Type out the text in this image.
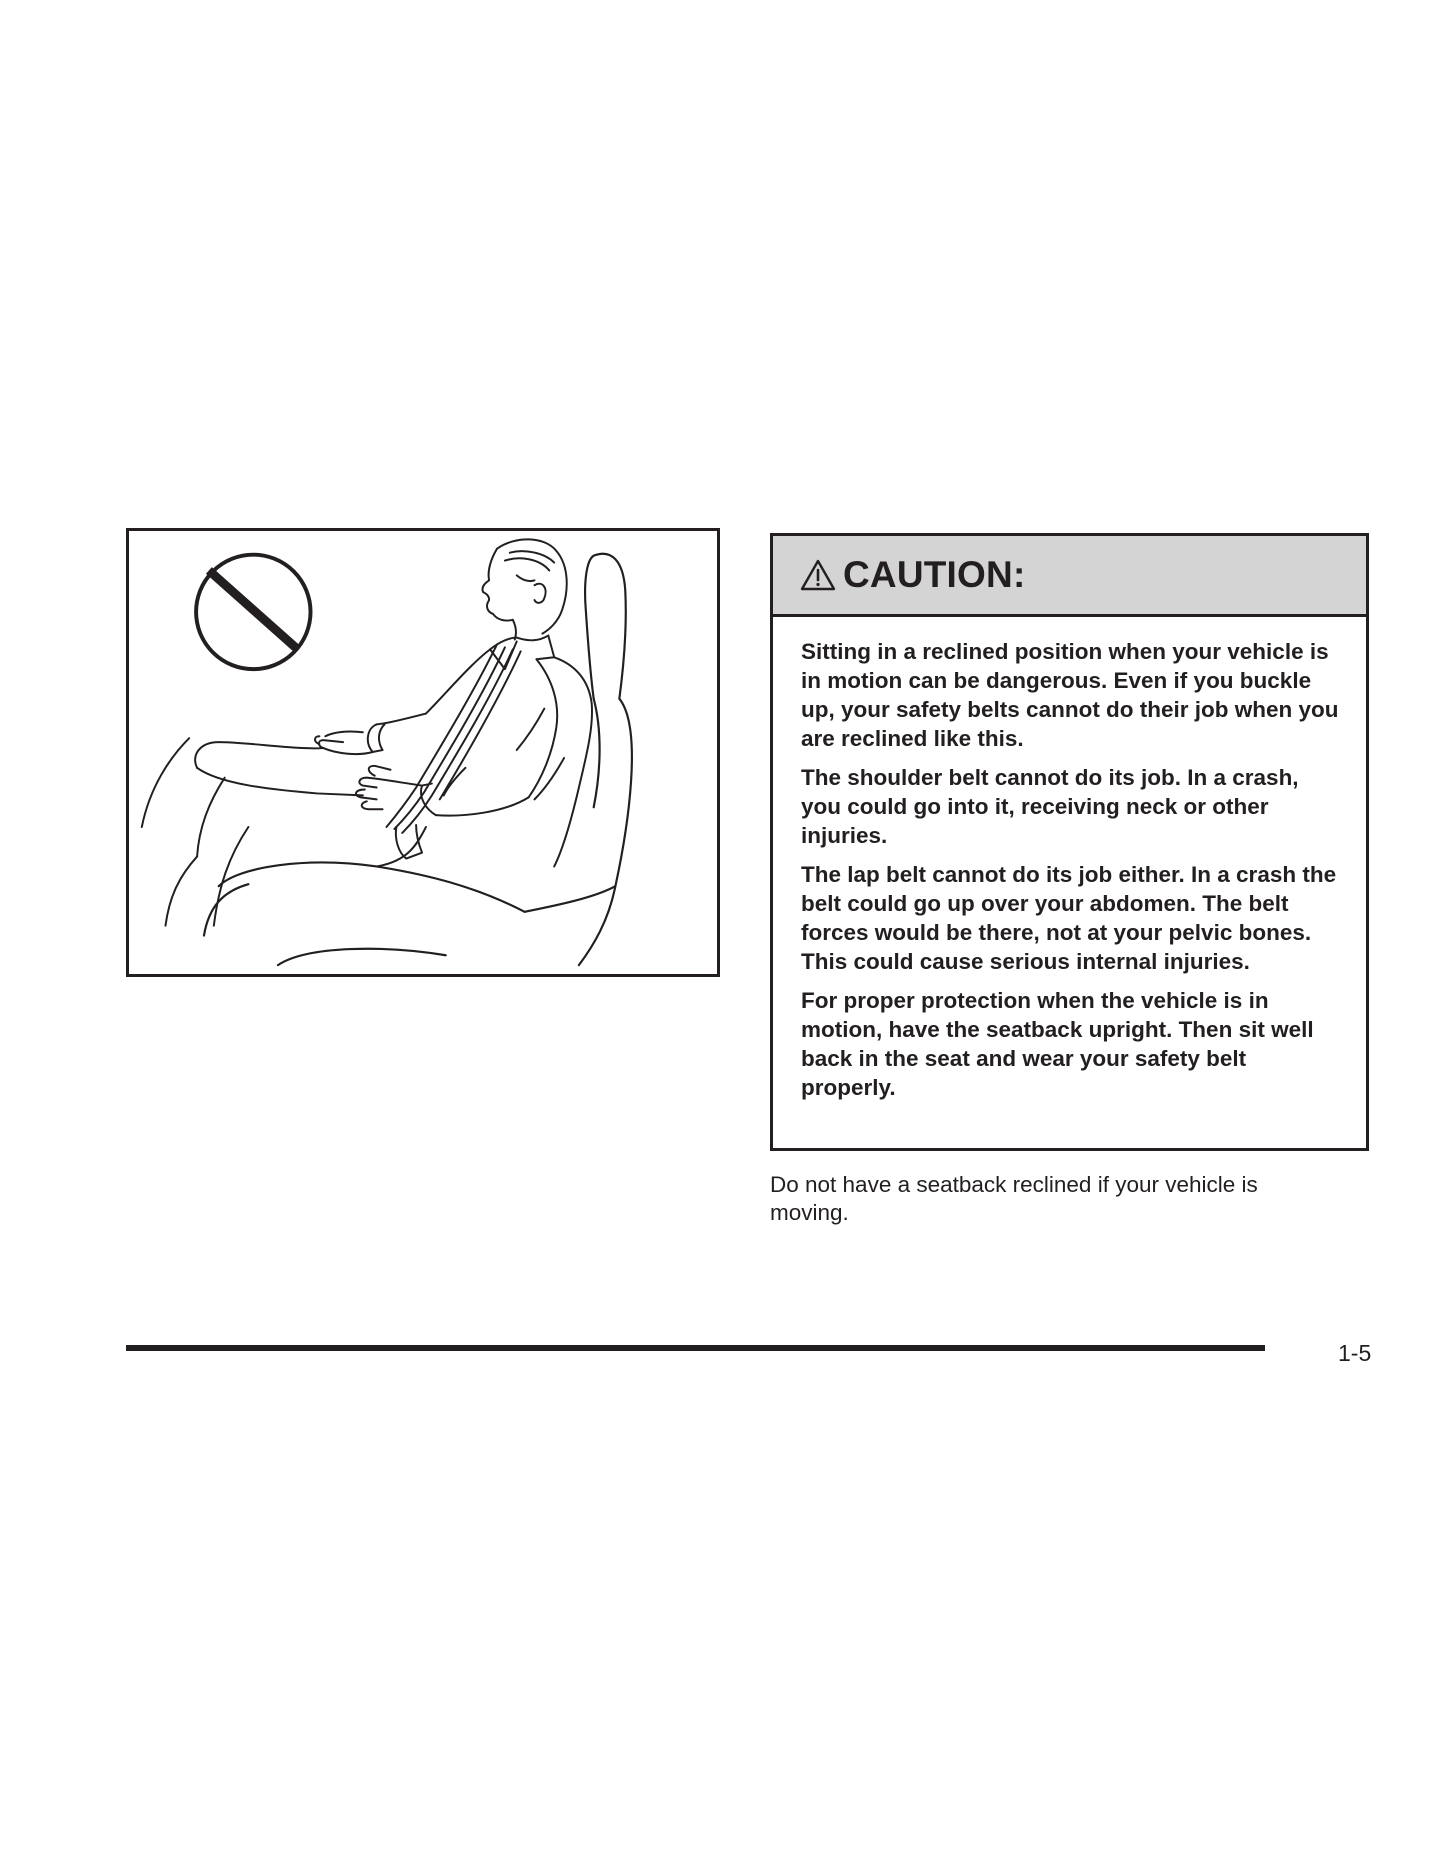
CAUTION:

Sitting in a reclined position when your vehicle is in motion can be dangerous. Even if you buckle up, your safety belts cannot do their job when you are reclined like this.

The shoulder belt cannot do its job. In a crash, you could go into it, receiving neck or other injuries.

The lap belt cannot do its job either. In a crash the belt could go up over your abdomen. The belt forces would be there, not at your pelvic bones. This could cause serious internal injuries.

For proper protection when the vehicle is in motion, have the seatback upright. Then sit well back in the seat and wear your safety belt properly.

Do not have a seatback reclined if your vehicle is moving.

1-5
